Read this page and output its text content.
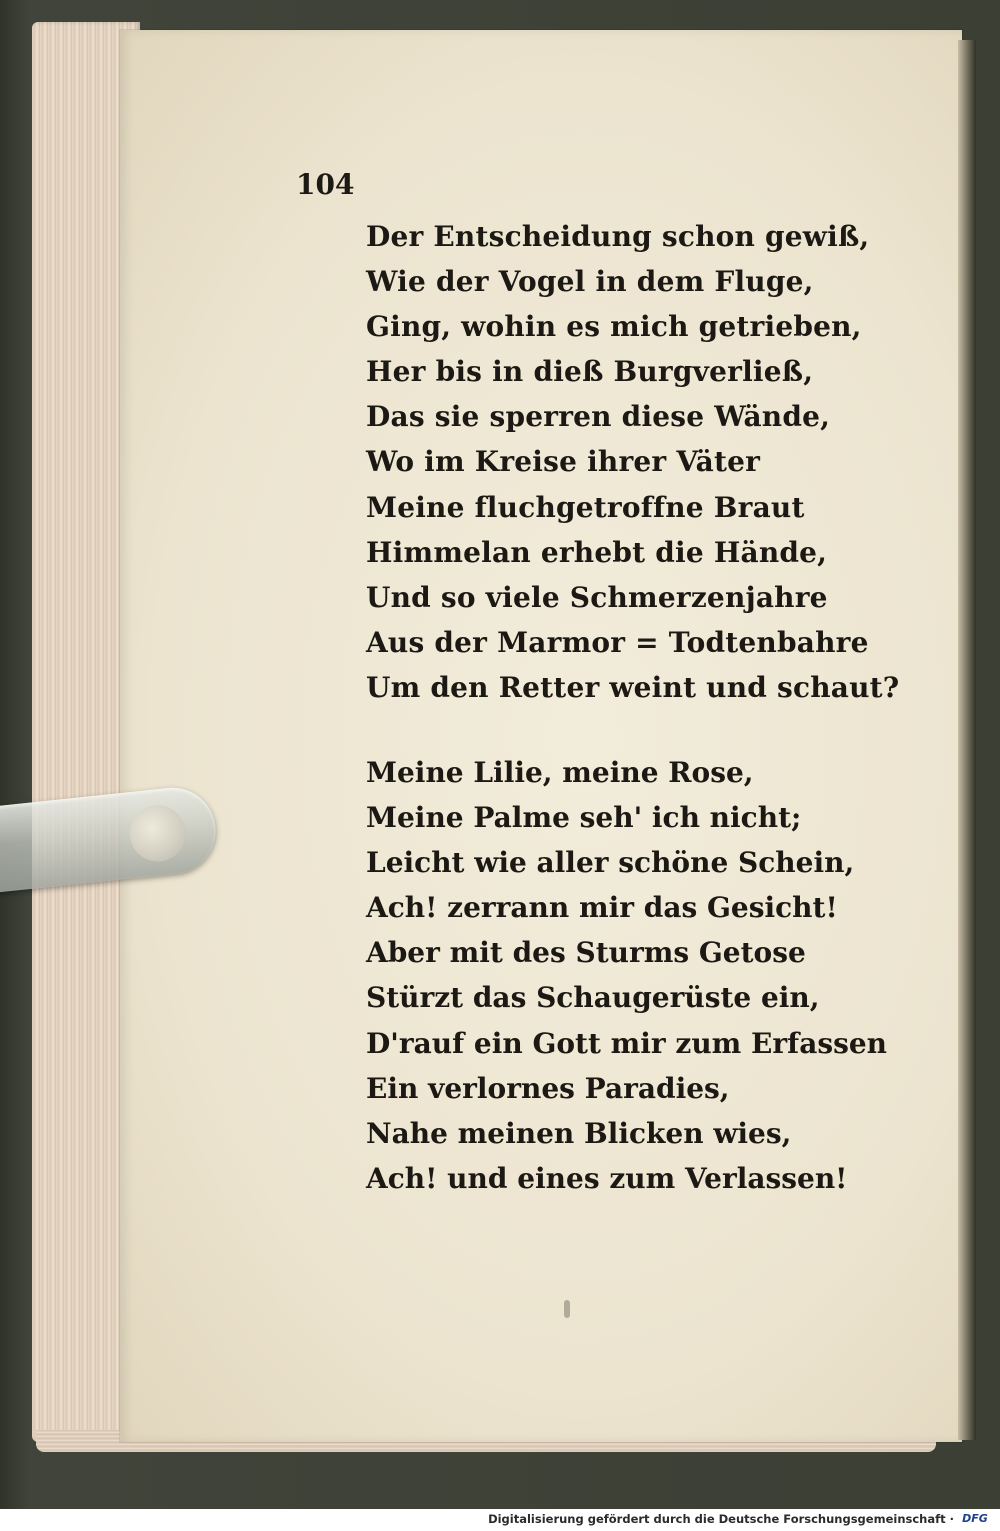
104
Der Entscheidung schon gewiß,
Wie der Vogel in dem Fluge,
Ging, wohin es mich getrieben,
Her bis in dieß Burgverließ,
Das sie sperren diese Wände,
Wo im Kreise ihrer Väter
Meine fluchgetroffne Braut
Himmelan erhebt die Hände,
Und so viele Schmerzenjahre
Aus der Marmor = Todtenbahre
Um den Retter weint und schaut?
Meine Lilie, meine Rose,
Meine Palme seh' ich nicht;
Leicht wie aller schöne Schein,
Ach! zerrann mir das Gesicht!
Aber mit des Sturms Getose
Stürzt das Schaugerüste ein,
D'rauf ein Gott mir zum Erfassen
Ein verlornes Paradies,
Nahe meinen Blicken wies,
Ach! und eines zum Verlassen!
Digitalisierung gefördert durch die Deutsche Forschungsgemeinschaft · DFG
